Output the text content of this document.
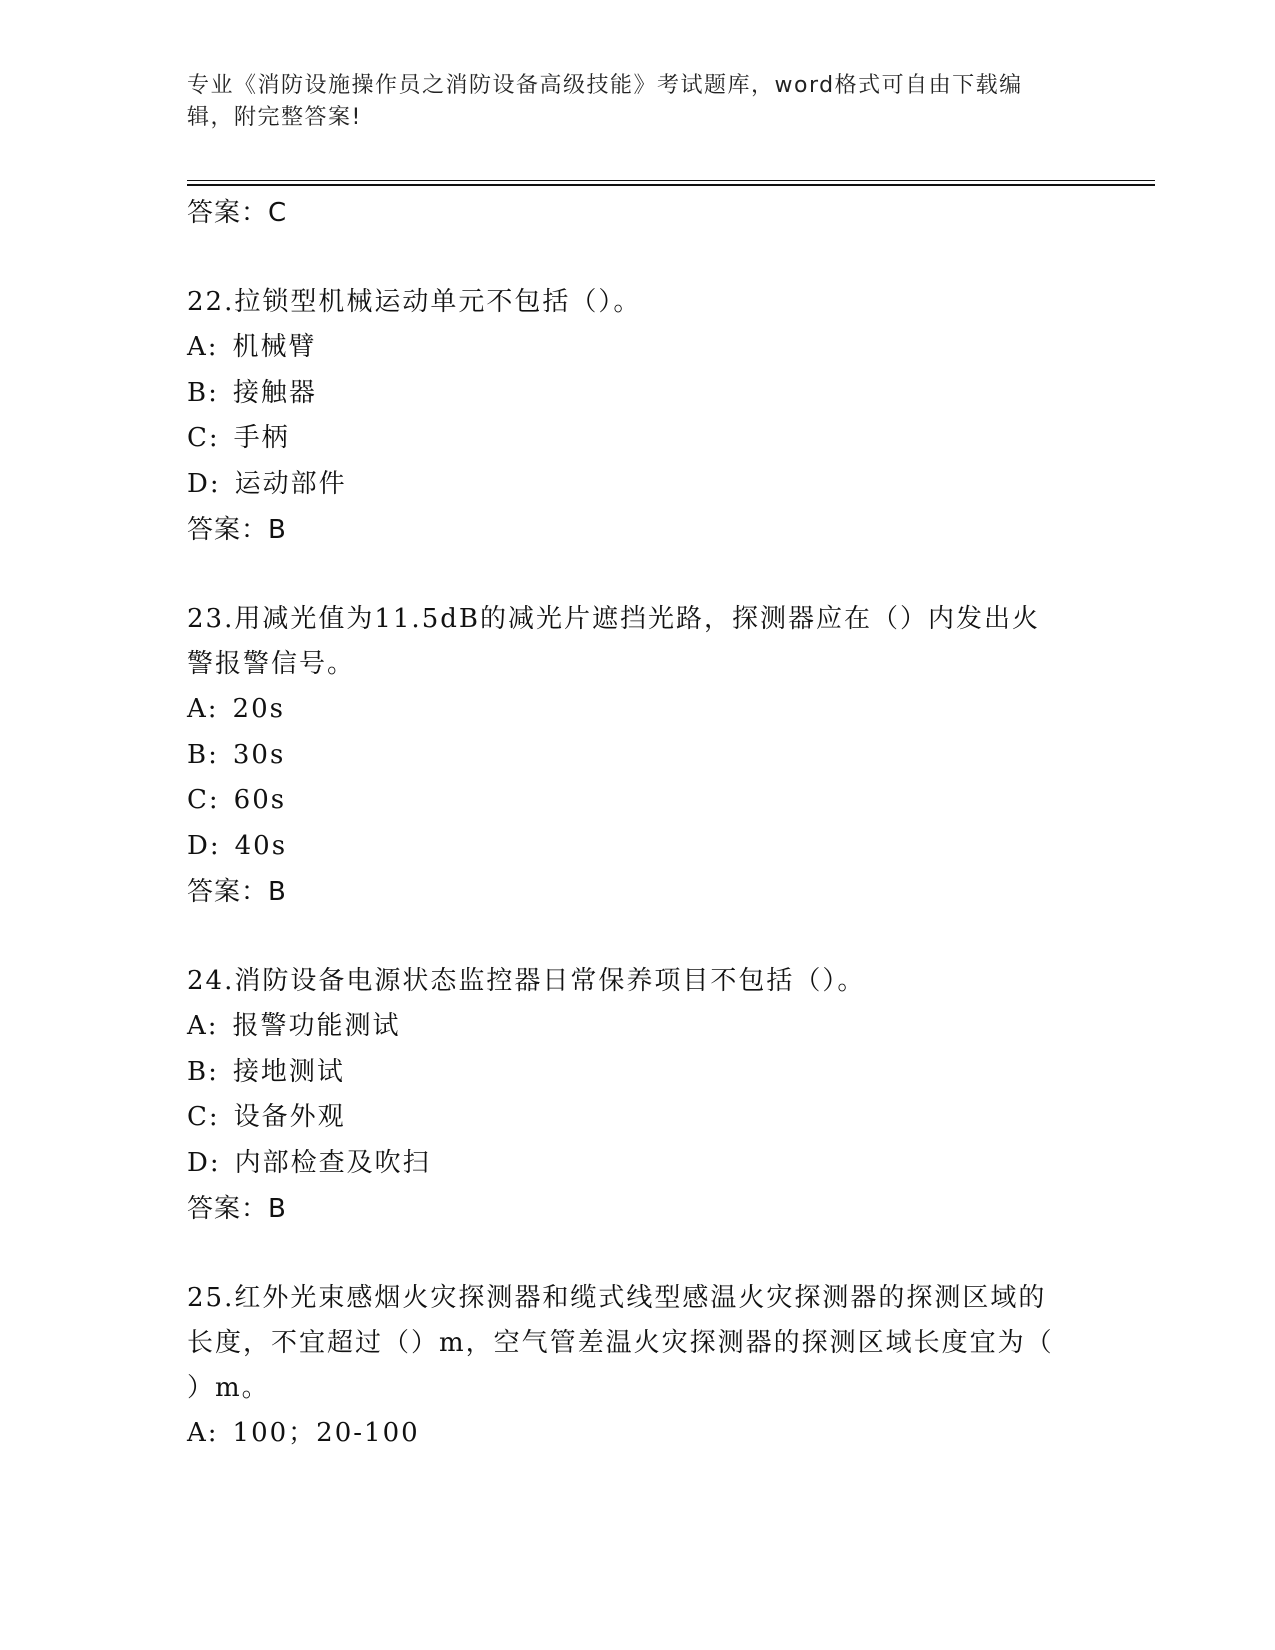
专业《消防设施操作员之消防设备高级技能》考试题库，word格式可自由下载编
辑，附完整答案!
答案：C
22.拉锁型机械运动单元不包括（）。
A: 机械臂
B: 接触器
C: 手柄
D: 运动部件
答案：B
23.用减光值为11.5dB的减光片遮挡光路，探测器应在（）内发出火
警报警信号。
A: 20s
B: 30s
C: 60s
D: 40s
答案：B
24.消防设备电源状态监控器日常保养项目不包括（）。
A: 报警功能测试
B: 接地测试
C: 设备外观
D: 内部检查及吹扫
答案：B
25.红外光束感烟火灾探测器和缆式线型感温火灾探测器的探测区域的
长度，不宜超过（）m，空气管差温火灾探测器的探测区域长度宜为（
）m。
A: 100；20-100
